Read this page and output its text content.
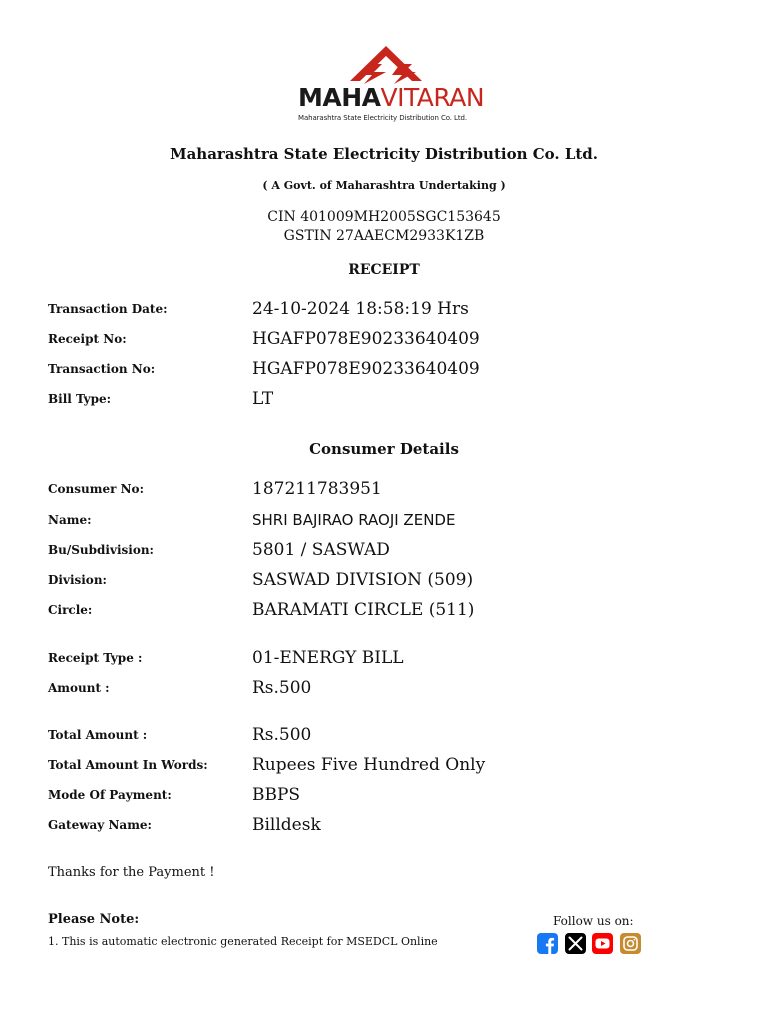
MAHAVITARAN
Maharashtra State Electricity Distribution Co. Ltd.
Maharashtra State Electricity Distribution Co. Ltd.
( A Govt. of Maharashtra Undertaking )
CIN 401009MH2005SGC153645
GSTIN 27AAECM2933K1ZB
RECEIPT
Transaction Date:	24-10-2024 18:58:19 Hrs
Receipt No:	HGAFP078E90233640409
Transaction No:	HGAFP078E90233640409
Bill Type:	LT
Consumer Details
Consumer No:	187211783951
Name:	SHRI BAJIRAO RAOJI ZENDE
Bu/Subdivision:	5801 / SASWAD
Division:	SASWAD DIVISION (509)
Circle:	BARAMATI CIRCLE (511)
Receipt Type :	01-ENERGY BILL
Amount :	Rs.500
Total Amount :	Rs.500
Total Amount In Words:	Rupees Five Hundred Only
Mode Of Payment:	BBPS
Gateway Name:	Billdesk
Thanks for the Payment !
Please Note:
1. This is automatic electronic generated Receipt for MSEDCL Online
Follow us on:
